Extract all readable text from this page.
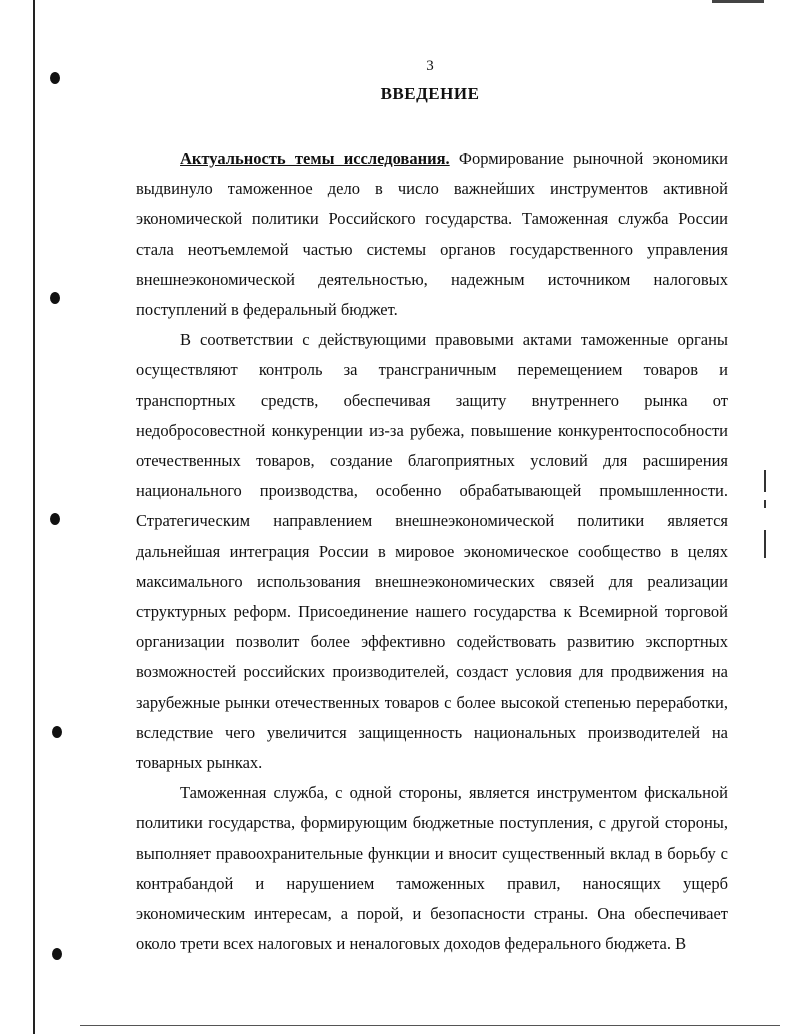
3
ВВЕДЕНИЕ

Актуальность темы исследования. Формирование рыночной экономики выдвинуло таможенное дело в число важнейших инструментов активной экономической политики Российского государства. Таможенная служба России стала неотъемлемой частью системы органов государственного управления внешнеэкономической деятельностью, надежным источником налоговых поступлений в федеральный бюджет.

В соответствии с действующими правовыми актами таможенные органы осуществляют контроль за трансграничным перемещением товаров и транспортных средств, обеспечивая защиту внутреннего рынка от недобросовестной конкуренции из-за рубежа, повышение конкурентоспособности отечественных товаров, создание благоприятных условий для расширения национального производства, особенно обрабатывающей промышленности. Стратегическим направлением внешнеэкономической политики является дальнейшая интеграция России в мировое экономическое сообщество в целях максимального использования внешнеэкономических связей для реализации структурных реформ. Присоединение нашего государства к Всемирной торговой организации позволит более эффективно содействовать развитию экспортных возможностей российских производителей, создаст условия для продвижения на зарубежные рынки отечественных товаров с более высокой степенью переработки, вследствие чего увеличится защищенность национальных производителей на товарных рынках.

Таможенная служба, с одной стороны, является инструментом фискальной политики государства, формирующим бюджетные поступления, с другой стороны, выполняет правоохранительные функции и вносит существенный вклад в борьбу с контрабандой и нарушением таможенных правил, наносящих ущерб экономическим интересам, а порой, и безопасности страны. Она обеспечивает около трети всех налоговых и неналоговых доходов федерального бюджета. В
